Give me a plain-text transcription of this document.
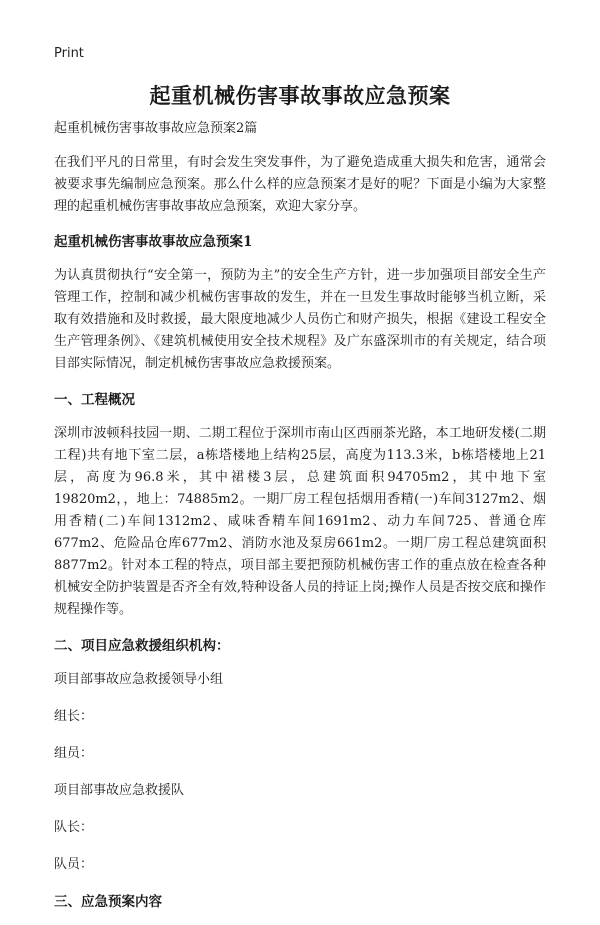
Print
起重机械伤害事故事故应急预案

起重机械伤害事故事故应急预案2篇

在我们平凡的日常里，有时会发生突发事件，为了避免造成重大损失和危害，通常会被要求事先编制应急预案。那么什么样的应急预案才是好的呢？下面是小编为大家整理的起重机械伤害事故事故应急预案，欢迎大家分享。

起重机械伤害事故事故应急预案1

为认真贯彻执行“安全第一，预防为主”的安全生产方针，进一步加强项目部安全生产管理工作，控制和减少机械伤害事故的发生，并在一旦发生事故时能够当机立断，采取有效措施和及时救援，最大限度地减少人员伤亡和财产损失，根据《建设工程安全生产管理条例》、《建筑机械使用安全技术规程》及广东盛深圳市的有关规定，结合项目部实际情况，制定机械伤害事故应急救援预案。

一、工程概况

深圳市波顿科技园一期、二期工程位于深圳市南山区西丽茶光路，本工地研发楼(二期工程)共有地下室二层，a栋塔楼地上结构25层，高度为113.3米，b栋塔楼地上21层，高度为96.8米，其中裙楼3层，总建筑面积94705m2，其中地下室19820m2，，地上：74885m2。一期厂房工程包括烟用香精(一)车间3127m2、烟用香精(二)车间1312m2、咸味香精车间1691m2、动力车间725、普通仓库677m2、危险品仓库677m2、消防水池及泵房661m2。一期厂房工程总建筑面积8877m2。针对本工程的特点，项目部主要把预防机械伤害工作的重点放在检查各种机械安全防护装置是否齐全有效,特种设备人员的持证上岗;操作人员是否按交底和操作规程操作等。

二、项目应急救援组织机构：
项目部事故应急救援领导小组
组长：
组员：
项目部事故应急救援队
队长：
队员：
三、应急预案内容
